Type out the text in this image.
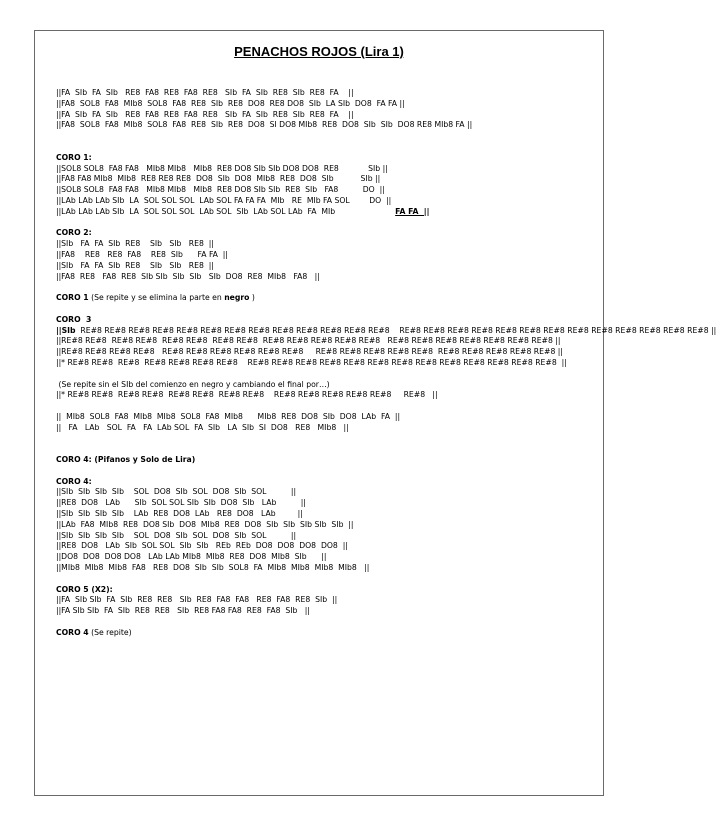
PENACHOS ROJOS (Lira 1)
||FA  SIb  FA  SIb   RE8  FA8  RE8  FA8  RE8   SIb  FA  SIb  RE8  SIb  RE8  FA    ||
||FA8  SOL8  FA8  MIb8  SOL8  FA8  RE8  SIb  RE8  DO8  RE8 DO8  SIb  LA SIb  DO8  FA FA ||
||FA  SIb  FA  SIb   RE8  FA8  RE8  FA8  RE8   SIb  FA  SIb  RE8  SIb  RE8  FA    ||
||FA8  SOL8  FA8  MIb8  SOL8  FA8  RE8  SIb  RE8  DO8  SI DO8 MIb8  RE8  DO8  SIb  SIb  DO8 RE8 MIb8 FA ||
CORO 1:
||SOL8 SOL8  FA8 FA8   MIb8 MIb8   MIb8  RE8 DO8 SIb SIb DO8 DO8  RE8            SIb ||
||FA8 FA8 MIb8  MIb8  RE8 RE8 RE8  DO8  SIb  DO8  MIb8  RE8  DO8  SIb           SIb ||
||SOL8 SOL8  FA8 FA8   MIb8 MIb8   MIb8  RE8 DO8 SIb SIb  RE8  SIb   FA8          DO  ||
||LAb LAb LAb SIb  LA  SOL SOL SOL  LAb SOL FA FA FA  MIb   RE  MIb FA SOL        DO  ||
||LAb LAb LAb SIb  LA  SOL SOL SOL  LAb SOL  SIb  LAb SOL LAb  FA  MIb	FA FA  ||
CORO 2:
||SIb   FA  FA  SIb  RE8    SIb   SIb   RE8  ||
||FA8    RE8   RE8  FA8    RE8  SIb      FA FA  ||
||SIb   FA  FA  SIb  RE8    SIb   SIb   RE8  ||
||FA8  RE8   FA8  RE8  SIb SIb  SIb  SIb   SIb  DO8  RE8  MIb8   FA8   ||
CORO 1 (Se repite y se elimina la parte en negro )
CORO  3
||SIb  RE#8 RE#8 RE#8 RE#8 RE#8 RE#8 RE#8 RE#8 RE#8 RE#8 RE#8 RE#8 RE#8    RE#8 RE#8 RE#8 RE#8 RE#8 RE#8 RE#8 RE#8 RE#8 RE#8 RE#8 RE#8 RE#8 ||
||RE#8 RE#8  RE#8 RE#8  RE#8 RE#8  RE#8 RE#8  RE#8 RE#8 RE#8 RE#8 RE#8   RE#8 RE#8 RE#8 RE#8 RE#8 RE#8 RE#8 ||
||RE#8 RE#8 RE#8 RE#8   RE#8 RE#8 RE#8 RE#8 RE#8 RE#8     RE#8 RE#8 RE#8 RE#8 RE#8  RE#8 RE#8 RE#8 RE#8 RE#8 ||
||* RE#8 RE#8  RE#8  RE#8 RE#8 RE#8 RE#8    RE#8 RE#8 RE#8 RE#8 RE#8 RE#8 RE#8 RE#8 RE#8 RE#8 RE#8 RE#8 RE#8  ||
(Se repite sin el SIb del comienzo en negro y cambiando el final por…)
||* RE#8 RE#8  RE#8 RE#8  RE#8 RE#8  RE#8 RE#8    RE#8 RE#8 RE#8 RE#8 RE#8     RE#8   ||
||  MIb8  SOL8  FA8  MIb8  MIb8  SOL8  FA8  MIb8      MIb8  RE8  DO8  SIb  DO8  LAb  FA  ||
||   FA   LAb   SOL  FA   FA  LAb SOL  FA  SIb   LA  SIb  SI  DO8   RE8   MIb8   ||
CORO 4: (Pifanos y Solo de Lira)
CORO 4:
||SIb  SIb  SIb  SIb    SOL  DO8  SIb  SOL  DO8  SIb  SOL          ||
||RE8  DO8   LAb      SIb  SOL SOL SIb  SIb  DO8  SIb   LAb          ||
||SIb  SIb  SIb  SIb    LAb  RE8  DO8  LAb   RE8  DO8   LAb         ||
||LAb  FA8  MIb8  RE8  DO8 SIb  DO8  MIb8  RE8  DO8  SIb  SIb  SIb SIb  SIb  ||
||SIb  SIb  SIb  SIb    SOL  DO8  SIb  SOL  DO8  SIb  SOL          ||
||RE8  DO8   LAb  SIb  SOL SOL  SIb  SIb   REb  REb  DO8  DO8  DO8  DO8  ||
||DO8  DO8  DO8 DO8   LAb LAb MIb8  MIb8  RE8  DO8  MIb8  SIb      ||
||MIb8  MIb8  MIb8  FA8   RE8  DO8  SIb  SIb  SOL8  FA  MIb8  MIb8  MIb8  MIb8   ||
CORO 5 (X2):
||FA  SIb SIb  FA  SIb  RE8  RE8   SIb  RE8  FA8  FA8   RE8  FA8  RE8  SIb  ||
||FA SIb SIb  FA  SIb  RE8  RE8   SIb  RE8 FA8 FA8  RE8  FA8  SIb   ||
CORO 4 (Se repite)
